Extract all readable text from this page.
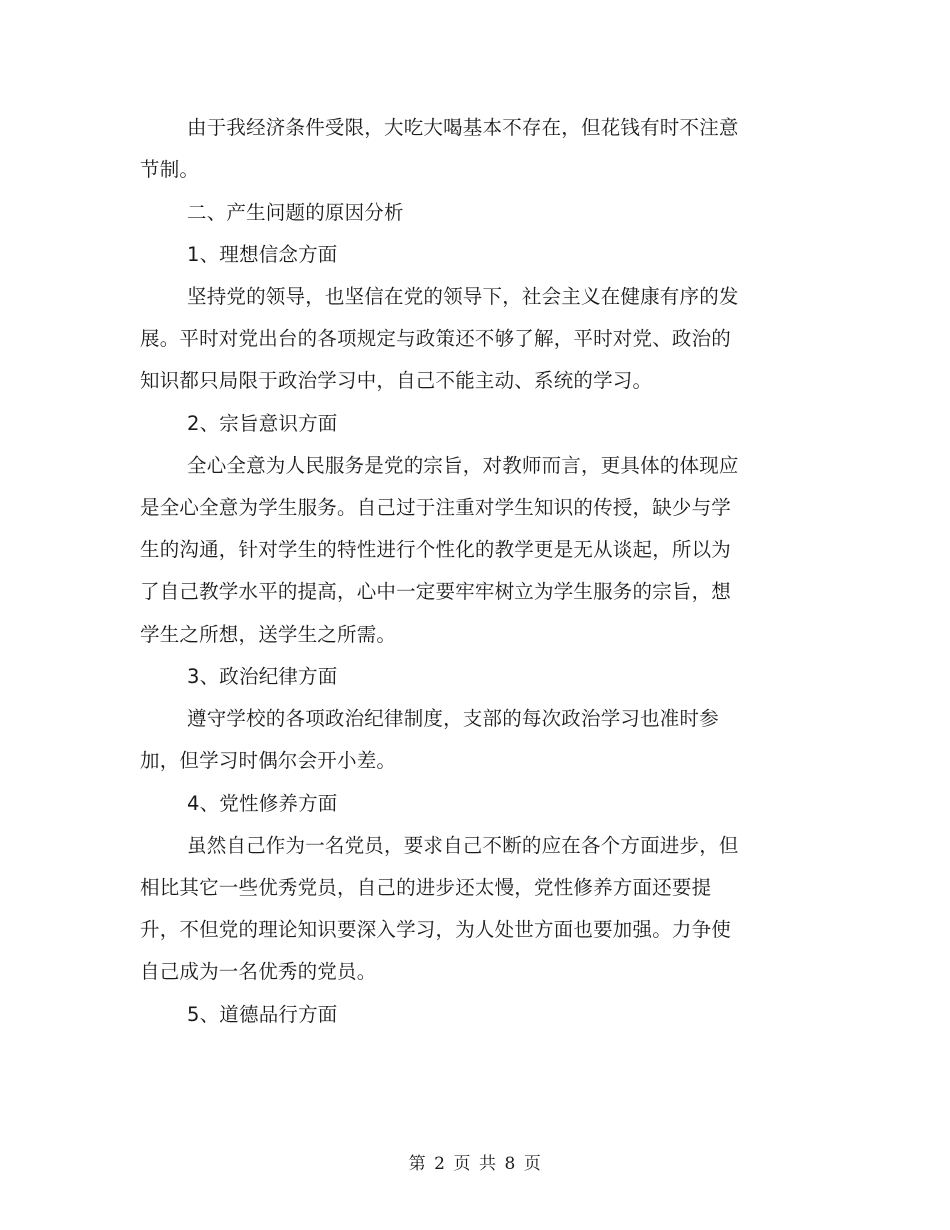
由于我经济条件受限，大吃大喝基本不存在，但花钱有时不注意
节制。
二、产生问题的原因分析
1、理想信念方面
坚持党的领导，也坚信在党的领导下，社会主义在健康有序的发
展。平时对党出台的各项规定与政策还不够了解，平时对党、政治的
知识都只局限于政治学习中，自己不能主动、系统的学习。
2、宗旨意识方面
全心全意为人民服务是党的宗旨，对教师而言，更具体的体现应
是全心全意为学生服务。自己过于注重对学生知识的传授，缺少与学
生的沟通，针对学生的特性进行个性化的教学更是无从谈起，所以为
了自己教学水平的提高，心中一定要牢牢树立为学生服务的宗旨，想
学生之所想，送学生之所需。
3、政治纪律方面
遵守学校的各项政治纪律制度，支部的每次政治学习也准时参
加，但学习时偶尔会开小差。
4、党性修养方面
虽然自己作为一名党员，要求自己不断的应在各个方面进步，但
相比其它一些优秀党员，自己的进步还太慢，党性修养方面还要提
升，不但党的理论知识要深入学习，为人处世方面也要加强。力争使
自己成为一名优秀的党员。
5、道德品行方面
第 2 页 共 8 页
